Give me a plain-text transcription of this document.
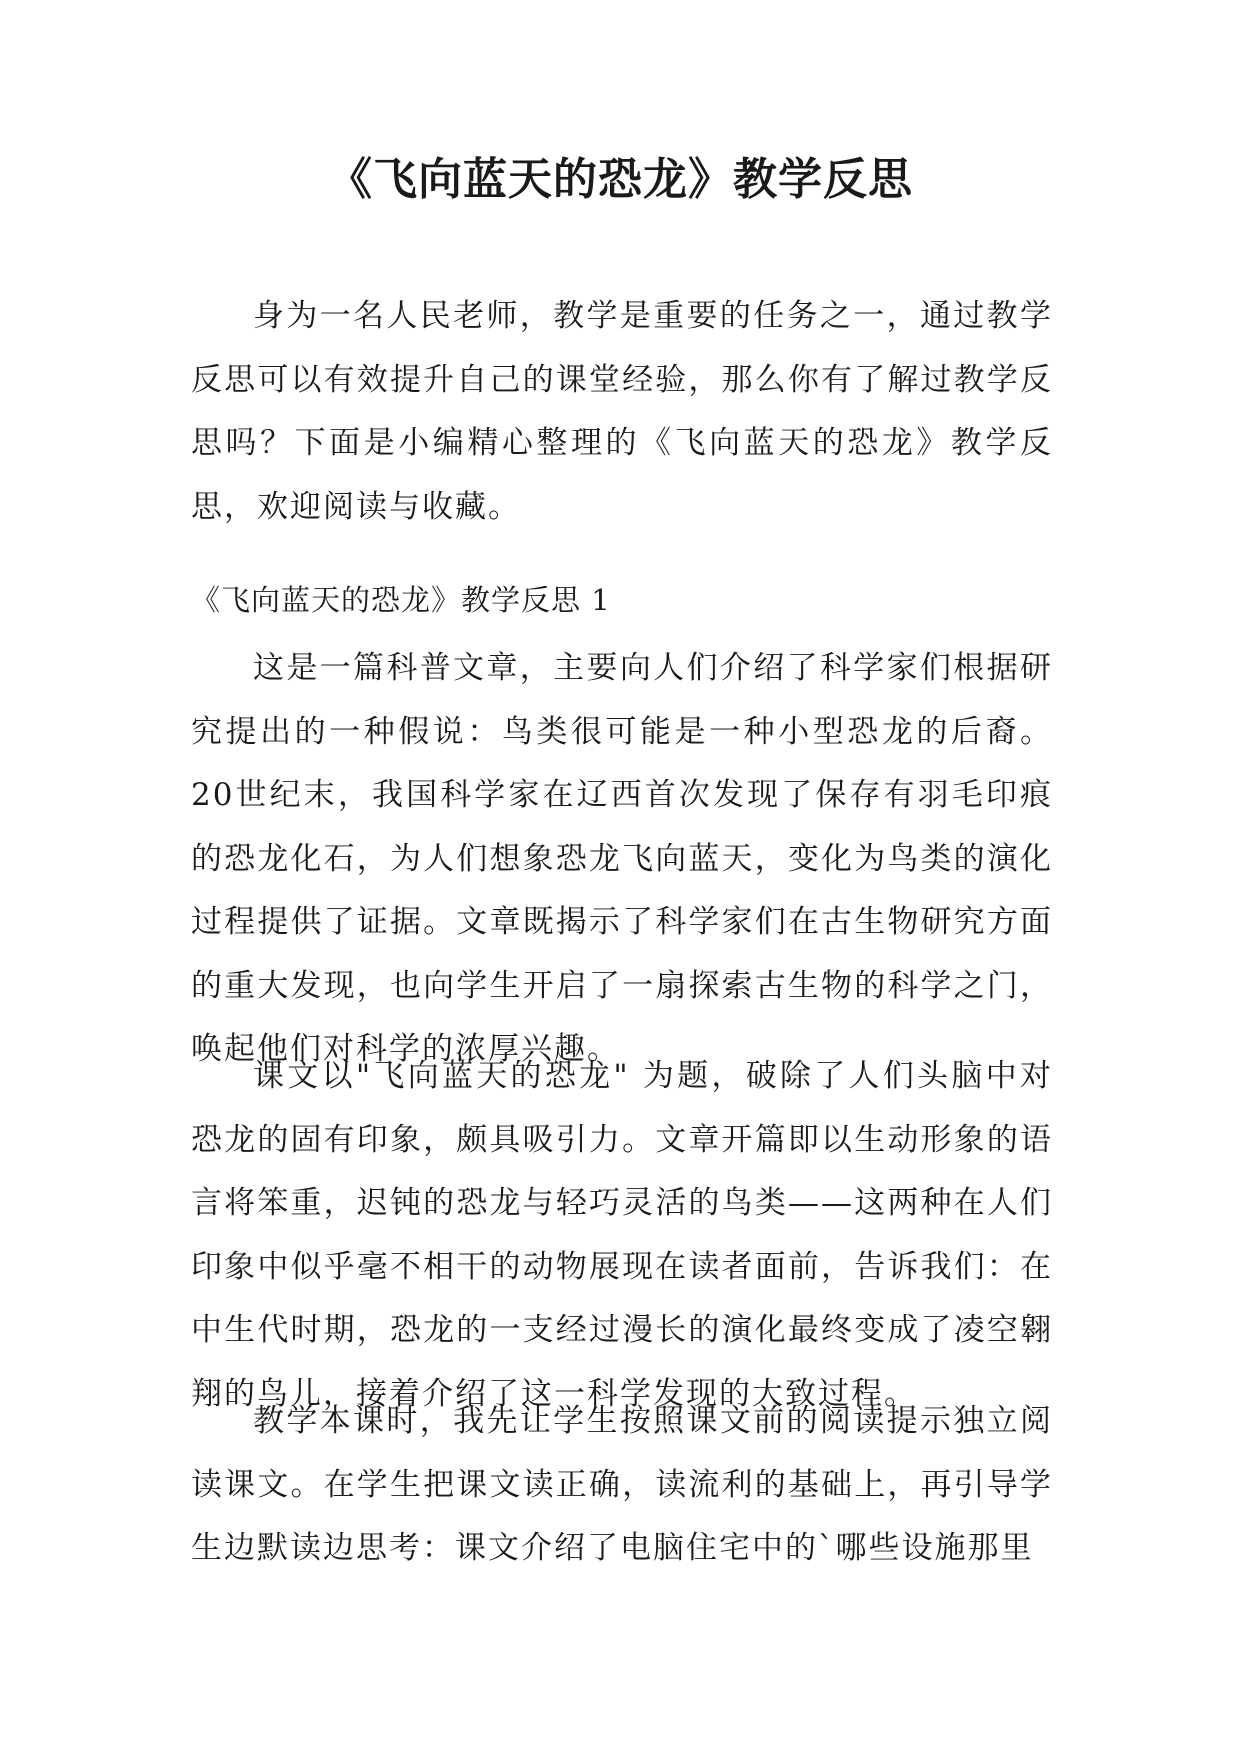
《飞向蓝天的恐龙》教学反思

身为一名人民老师，教学是重要的任务之一，通过教学反思可以有效提升自己的课堂经验，那么你有了解过教学反思吗？下面是小编精心整理的《飞向蓝天的恐龙》教学反思，欢迎阅读与收藏。

《飞向蓝天的恐龙》教学反思 1

这是一篇科普文章，主要向人们介绍了科学家们根据研究提出的一种假说：鸟类很可能是一种小型恐龙的后裔。20世纪末，我国科学家在辽西首次发现了保存有羽毛印痕的恐龙化石，为人们想象恐龙飞向蓝天，变化为鸟类的演化过程提供了证据。文章既揭示了科学家们在古生物研究方面的重大发现，也向学生开启了一扇探索古生物的科学之门，唤起他们对科学的浓厚兴趣。

课文以"飞向蓝天的恐龙" 为题，破除了人们头脑中对恐龙的固有印象，颇具吸引力。文章开篇即以生动形象的语言将笨重，迟钝的恐龙与轻巧灵活的鸟类——这两种在人们印象中似乎毫不相干的动物展现在读者面前，告诉我们：在中生代时期，恐龙的一支经过漫长的演化最终变成了凌空翱翔的鸟儿，接着介绍了这一科学发现的大致过程。

教学本课时，我先让学生按照课文前的阅读提示独立阅读课文。在学生把课文读正确，读流利的基础上，再引导学生边默读边思考：课文介绍了电脑住宅中的`哪些设施那里
